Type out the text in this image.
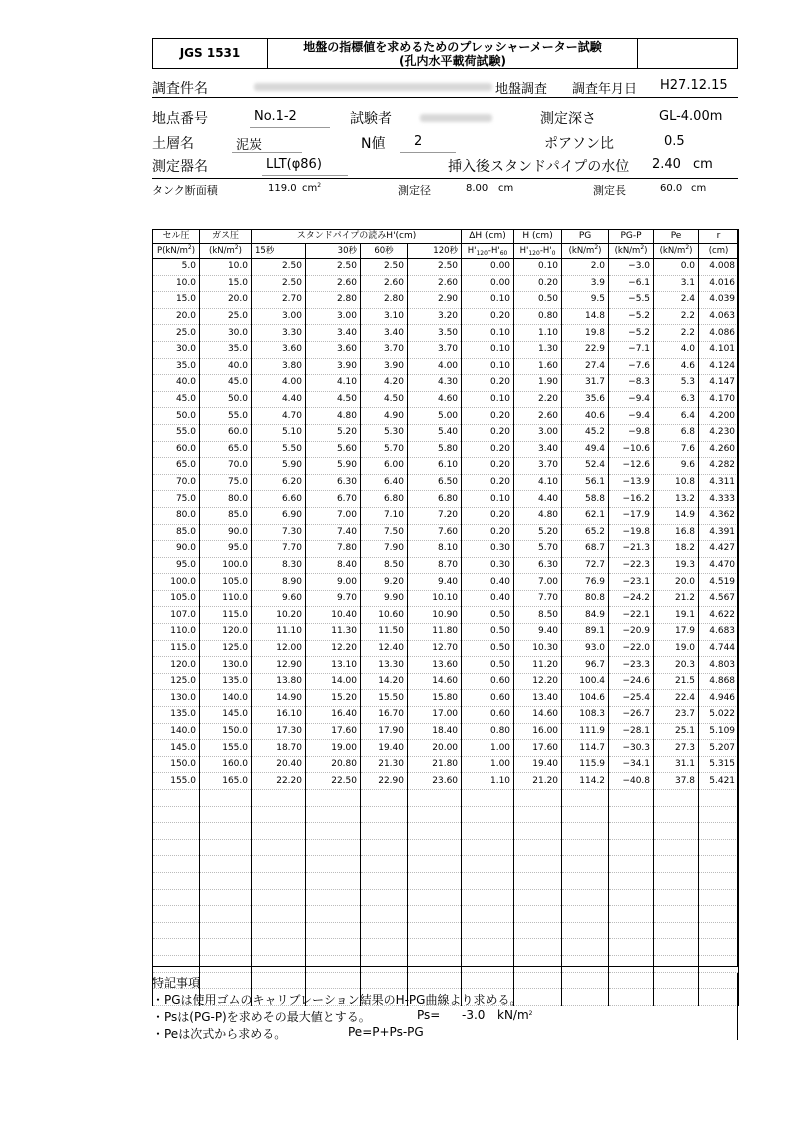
JGS 1531	地盤の指標値を求めるためのプレッシャーメーター試験
(孔内水平載荷試験)
調査件名	地盤調査 調査年月日 H27.12.15
地点番号	No.1-2	試験者	測定深さ	GL-4.00m
土層名	泥炭	N値 2	ポアソン比	0.5
測定器名	LLT(φ86)	挿入後スタンドパイプの水位 2.40 cm
タンク断面積	119.0 $cm^2$	測定径	8.00 cm	測定長	60.0 cm
セル圧	ガス圧	スタンドパイプの読みH'(cm)				ΔH (cm)	H (cm)	PG	PG-P	Pe	r
$P(kN/m^2)$	$(kN/m^2)$	15秒	30秒	60秒	120秒	$H'_{120}-H'_{60}$	$H'_{120}-H'_0$	$(kN/m^2)$	$(kN/m^2)$	$(kN/m^2)$	(cm)
5.0	10.0	2.50	2.50	2.50	2.50	0.00	0.10	2.0	−3.0	0.0	4.008
10.0	15.0	2.50	2.60	2.60	2.60	0.00	0.20	3.9	−6.1	3.1	4.016
15.0	20.0	2.70	2.80	2.80	2.90	0.10	0.50	9.5	−5.5	2.4	4.039
20.0	25.0	3.00	3.00	3.10	3.20	0.20	0.80	14.8	−5.2	2.2	4.063
25.0	30.0	3.30	3.40	3.40	3.50	0.10	1.10	19.8	−5.2	2.2	4.086
30.0	35.0	3.60	3.60	3.70	3.70	0.10	1.30	22.9	−7.1	4.0	4.101
35.0	40.0	3.80	3.90	3.90	4.00	0.10	1.60	27.4	−7.6	4.6	4.124
40.0	45.0	4.00	4.10	4.20	4.30	0.20	1.90	31.7	−8.3	5.3	4.147
45.0	50.0	4.40	4.50	4.50	4.60	0.10	2.20	35.6	−9.4	6.3	4.170
50.0	55.0	4.70	4.80	4.90	5.00	0.20	2.60	40.6	−9.4	6.4	4.200
55.0	60.0	5.10	5.20	5.30	5.40	0.20	3.00	45.2	−9.8	6.8	4.230
60.0	65.0	5.50	5.60	5.70	5.80	0.20	3.40	49.4	−10.6	7.6	4.260
65.0	70.0	5.90	5.90	6.00	6.10	0.20	3.70	52.4	−12.6	9.6	4.282
70.0	75.0	6.20	6.30	6.40	6.50	0.20	4.10	56.1	−13.9	10.8	4.311
75.0	80.0	6.60	6.70	6.80	6.80	0.10	4.40	58.8	−16.2	13.2	4.333
80.0	85.0	6.90	7.00	7.10	7.20	0.20	4.80	62.1	−17.9	14.9	4.362
85.0	90.0	7.30	7.40	7.50	7.60	0.20	5.20	65.2	−19.8	16.8	4.391
90.0	95.0	7.70	7.80	7.90	8.10	0.30	5.70	68.7	−21.3	18.2	4.427
95.0	100.0	8.30	8.40	8.50	8.70	0.30	6.30	72.7	−22.3	19.3	4.470
100.0	105.0	8.90	9.00	9.20	9.40	0.40	7.00	76.9	−23.1	20.0	4.519
105.0	110.0	9.60	9.70	9.90	10.10	0.40	7.70	80.8	−24.2	21.2	4.567
107.0	115.0	10.20	10.40	10.60	10.90	0.50	8.50	84.9	−22.1	19.1	4.622
110.0	120.0	11.10	11.30	11.50	11.80	0.50	9.40	89.1	−20.9	17.9	4.683
115.0	125.0	12.00	12.20	12.40	12.70	0.50	10.30	93.0	−22.0	19.0	4.744
120.0	130.0	12.90	13.10	13.30	13.60	0.50	11.20	96.7	−23.3	20.3	4.803
125.0	135.0	13.80	14.00	14.20	14.60	0.60	12.20	100.4	−24.6	21.5	4.868
130.0	140.0	14.90	15.20	15.50	15.80	0.60	13.40	104.6	−25.4	22.4	4.946
135.0	145.0	16.10	16.40	16.70	17.00	0.60	14.60	108.3	−26.7	23.7	5.022
140.0	150.0	17.30	17.60	17.90	18.40	0.80	16.00	111.9	−28.1	25.1	5.109
145.0	155.0	18.70	19.00	19.40	20.00	1.00	17.60	114.7	−30.3	27.3	5.207
150.0	160.0	20.40	20.80	21.30	21.80	1.00	19.40	115.9	−34.1	31.1	5.315
155.0	165.0	22.20	22.50	22.90	23.60	1.10	21.20	114.2	−40.8	37.8	5.421

特記事項
・PGは使用ゴムのキャリブレーション結果のH-PG曲線より求める。
・Psは(PG-P)を求めその最大値とする。	Ps= -3.0 $kN/m^2$
・Peは次式から求める。	Pe=P+Ps-PG
